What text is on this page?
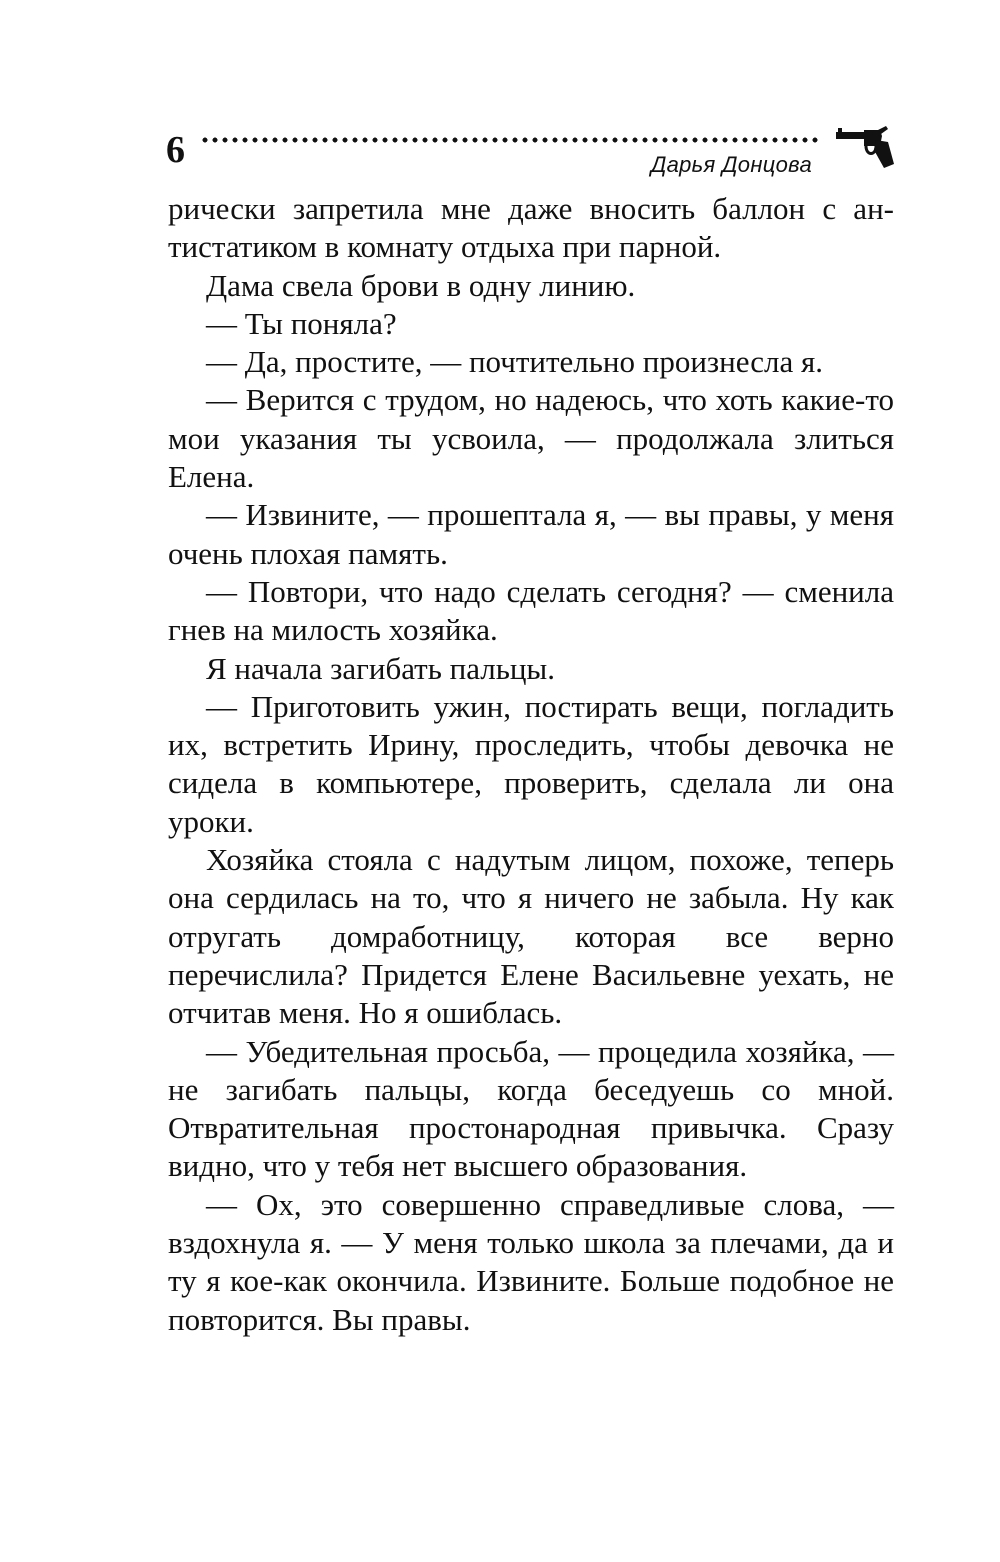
6	Дарья Донцова

рически запретила мне даже вносить баллон с антистатиком в комнату отдыха при парной.

Дама свела брови в одну линию.

— Ты поняла?

— Да, простите, — почтительно произнесла я.

— Верится с трудом, но надеюсь, что хоть какие-то мои указания ты усвоила, — продолжала злиться Елена.

— Извините, — прошептала я, — вы правы, у меня очень плохая память.

— Повтори, что надо сделать сегодня? — сменила гнев на милость хозяйка.

Я начала загибать пальцы.

— Приготовить ужин, постирать вещи, погладить их, встретить Ирину, проследить, чтобы девочка не сидела в компьютере, проверить, сделала ли она уроки.

Хозяйка стояла с надутым лицом, похоже, теперь она сердилась на то, что я ничего не забыла. Ну как отругать домработницу, которая все верно перечислила? Придется Елене Васильевне уехать, не отчитав меня. Но я ошиблась.

— Убедительная просьба, — процедила хозяйка, — не загибать пальцы, когда беседуешь со мной. Отвратительная простонародная привычка. Сразу видно, что у тебя нет высшего образования.

— Ох, это совершенно справедливые слова, — вздохнула я. — У меня только школа за плечами, да и ту я кое-как окончила. Извините. Больше подобное не повторится. Вы правы.
